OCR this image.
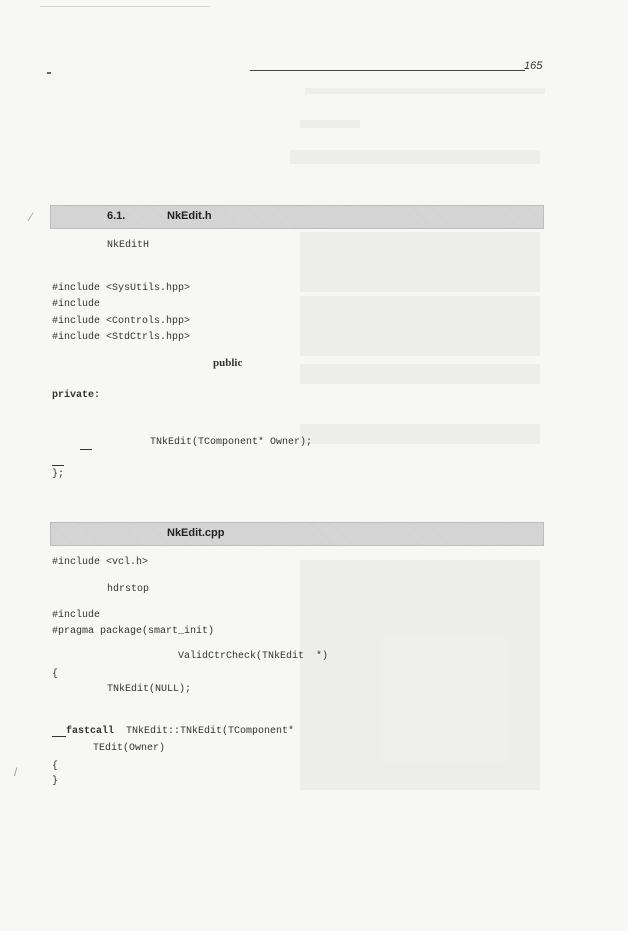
165
⁄
/
6.1.	NkEdit.h
NkEditH
#include <SysUtils.hpp>
#include
#include <Controls.hpp>
#include <StdCtrls.hpp>
public
private:
TNkEdit(TComponent* Owner);
};
NkEdit.cpp
#include <vcl.h>
hdrstop
#include
#pragma package(smart_init)
ValidCtrCheck(TNkEdit  *)
{
TNkEdit(NULL);
fastcall TNkEdit::TNkEdit(TComponent*
TEdit(Owner)
{
}
